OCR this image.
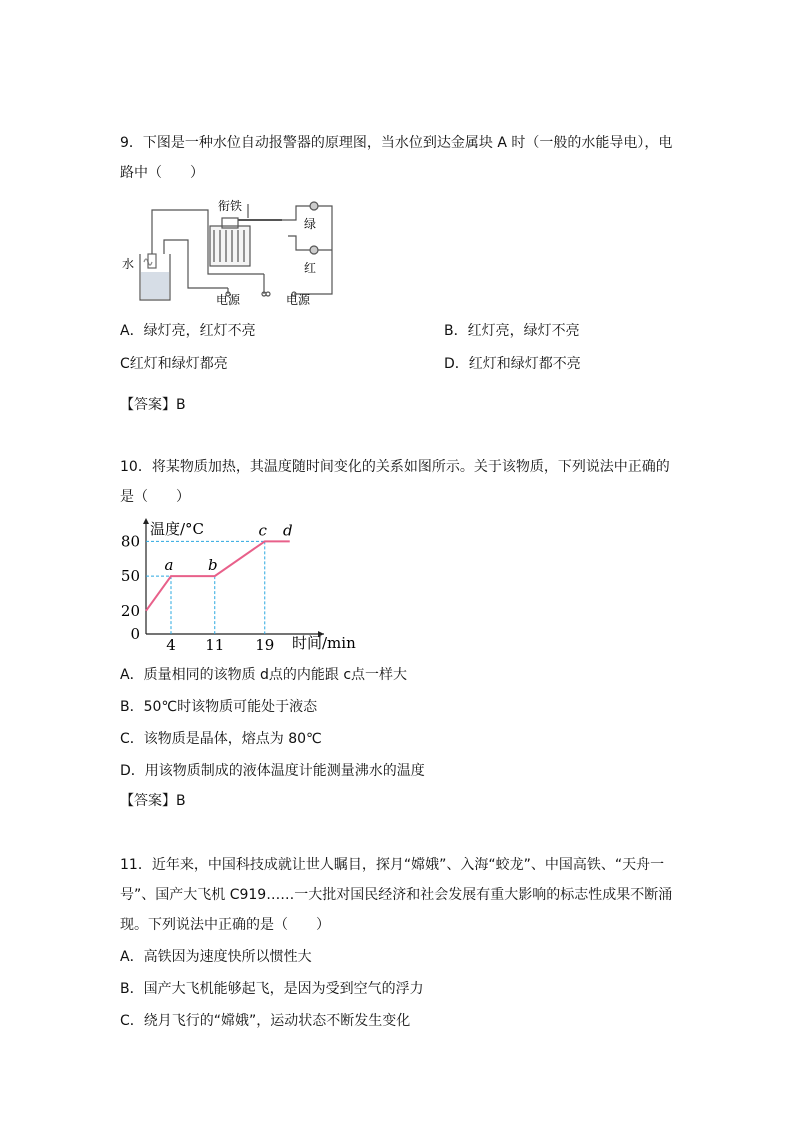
9．下图是一种水位自动报警器的原理图，当水位到达金属块 A 时（一般的水能导电），电
路中（　　）
衔铁
绿
红
水
电源	电源
A．绿灯亮，红灯不亮	B．红灯亮，绿灯不亮
C红灯和绿灯都亮	D．红灯和绿灯都不亮
【答案】B
10．将某物质加热，其温度随时间变化的关系如图所示。关于该物质，下列说法中正确的
是（　　）
温度/°C
时间/min
0
20
50
80
4 11 19
a b
c d
A．质量相同的该物质 d点的内能跟 c点一样大
B．50℃时该物质可能处于液态
C．该物质是晶体，熔点为 80℃
D．用该物质制成的液体温度计能测量沸水的温度
【答案】B
11．近年来，中国科技成就让世人瞩目，探月“嫦娥”、入海“蛟龙”、中国高铁、“天舟一
号”、国产大飞机 C919……一大批对国民经济和社会发展有重大影响的标志性成果不断涌
现。下列说法中正确的是（　　）
A．高铁因为速度快所以惯性大
B．国产大飞机能够起飞，是因为受到空气的浮力
C．绕月飞行的“嫦娥”，运动状态不断发生变化
